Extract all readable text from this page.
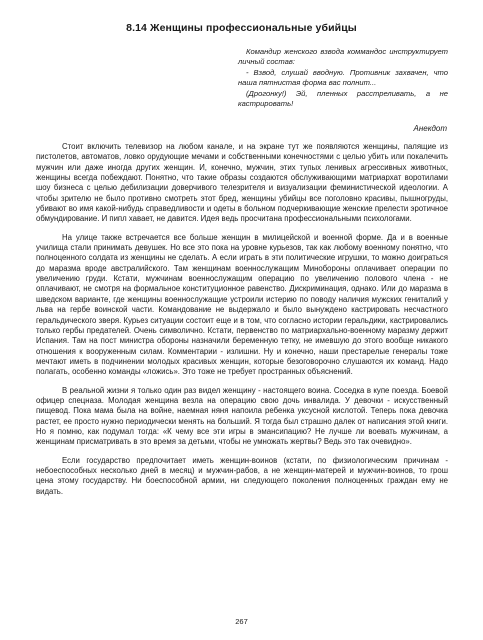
8.14 Женщины профессиональные убийцы

Командир женского взвода коммандос инструктирует личный состав:

- Взвод, слушай вводную. Противник захвачен, что наша пятнистая форма вас полнит...

(Дрогонку!) Эй, пленных расстреливать, а не кастрировать!

Анекдот

Стоит включить телевизор на любом канале, и на экране тут же появляются женщины, палящие из пистолетов, автоматов, ловко орудующие мечами и собственными конечностями с целью убить или покалечить мужчин или даже иногда других женщин. И, конечно, мужчин, этих тупых ленивых агрессивных животных, женщины всегда побеждают. Понятно, что такие образы создаются обслуживающими матриархат воротилами шоу бизнеса с целью дебилизации доверчивого телезрителя и визуализации феминистической идеологии. А чтобы зрителю не было противно смотреть этот бред, женщины убийцы все поголовно красивы, пышногруды, убивают во имя какой-нибудь справедливости и одеты в больном подчеркивающие женские прелести эротичное обмундирование. И пипл хавает, не давится. Идея ведь просчитана профессиональными психологами.

На улице также встречается все больше женщин в милицейской и военной форме. Да и в военные училища стали принимать девушек. Но все это пока на уровне курьезов, так как любому военному понятно, что полноценного солдата из женщины не сделать. А если играть в эти политические игрушки, то можно доиграться до маразма вроде австралийского. Там женщинам военнослужащим Минобороны оплачивает операции по увеличению груди. Кстати, мужчинам военнослужащим операцию по увеличению полового члена - не оплачивают, не смотря на формальное конституционное равенство. Дискриминация, однако. Или до маразма в шведском варианте, где женщины военнослужащие устроили истерию по поводу наличия мужских гениталий у льва на гербе воинской части. Командование не выдержало и было вынуждено кастрировать несчастного геральдического зверя. Курьез ситуации состоит еще и в том, что согласно истории геральдики, кастрировались только гербы предателей. Очень символично. Кстати, первенство по матриархально-военному маразму держит Испания. Там на пост министра обороны назначили беременную тетку, не имевшую до этого вообще никакого отношения к вооруженным силам. Комментарии - излишни. Ну и конечно, наши престарелые генералы тоже мечтают иметь в подчинении молодых красивых женщин, которые безоговорочно слушаются их команд. Надо полагать, особенно команды «ложись». Это тоже не требует пространных объяснений.

В реальной жизни я только один раз видел женщину - настоящего воина. Соседка в купе поезда. Боевой офицер спецназа. Молодая женщина везла на операцию свою дочь инвалида. У девочки - искусственный пищевод. Пока мама была на войне, наемная няня напоила ребенка уксусной кислотой. Теперь пока девочка растет, ее просто нужно периодически менять на больший. Я тогда был страшно далек от написания этой книги. Но я помню, как подумал тогда: «К чему все эти игры в эмансипацию? Не лучше ли воевать мужчинам, а женщинам присматривать в это время за детьми, чтобы не умножать жертвы? Ведь это так очевидно».

Если государство предпочитает иметь женщин-воинов (кстати, по физиологическим причинам - небоеспособных несколько дней в месяц) и мужчин-рабов, а не женщин-матерей и мужчин-воинов, то грош цена этому государству. Ни боеспособной армии, ни следующего поколения полноценных граждан ему не видать.

267
